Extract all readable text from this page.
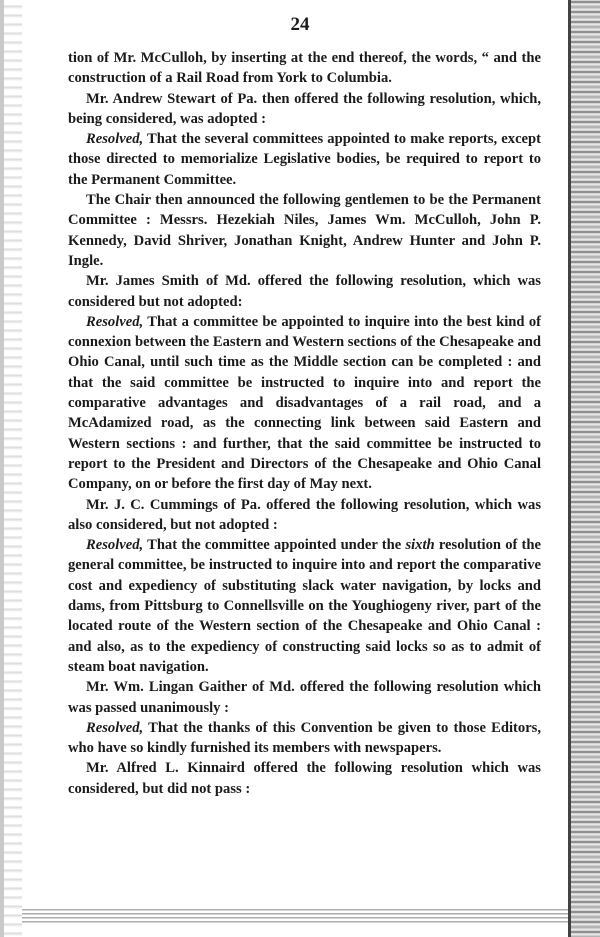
24

tion of Mr. McCulloh, by inserting at the end thereof, the words, “ and the construction of a Rail Road from York to Columbia.

Mr. Andrew Stewart of Pa. then offered the following resolution, which, being considered, was adopted :

Resolved, That the several committees appointed to make reports, except those directed to memorialize Legislative bodies, be required to report to the Permanent Committee.

The Chair then announced the following gentlemen to be the Permanent Committee : Messrs. Hezekiah Niles, James Wm. McCulloh, John P. Kennedy, David Shriver, Jonathan Knight, Andrew Hunter and John P. Ingle.

Mr. James Smith of Md. offered the following resolution, which was considered but not adopted:

Resolved, That a committee be appointed to inquire into the best kind of connexion between the Eastern and Western sections of the Chesapeake and Ohio Canal, until such time as the Middle section can be completed : and that the said committee be instructed to inquire into and report the comparative advantages and disadvantages of a rail road, and a McAdamized road, as the connecting link between said Eastern and Western sections : and further, that the said committee be instructed to report to the President and Directors of the Chesapeake and Ohio Canal Company, on or before the first day of May next.

Mr. J. C. Cummings of Pa. offered the following resolution, which was also considered, but not adopted :

Resolved, That the committee appointed under the sixth resolution of the general committee, be instructed to inquire into and report the comparative cost and expediency of substituting slack water navigation, by locks and dams, from Pittsburg to Connellsville on the Youghiogeny river, part of the located route of the Western section of the Chesapeake and Ohio Canal : and also, as to the expediency of constructing said locks so as to admit of steam boat navigation.

Mr. Wm. Lingan Gaither of Md. offered the following resolution which was passed unanimously :

Resolved, That the thanks of this Convention be given to those Editors, who have so kindly furnished its members with newspapers.

Mr. Alfred L. Kinnaird offered the following resolution which was considered, but did not pass :
